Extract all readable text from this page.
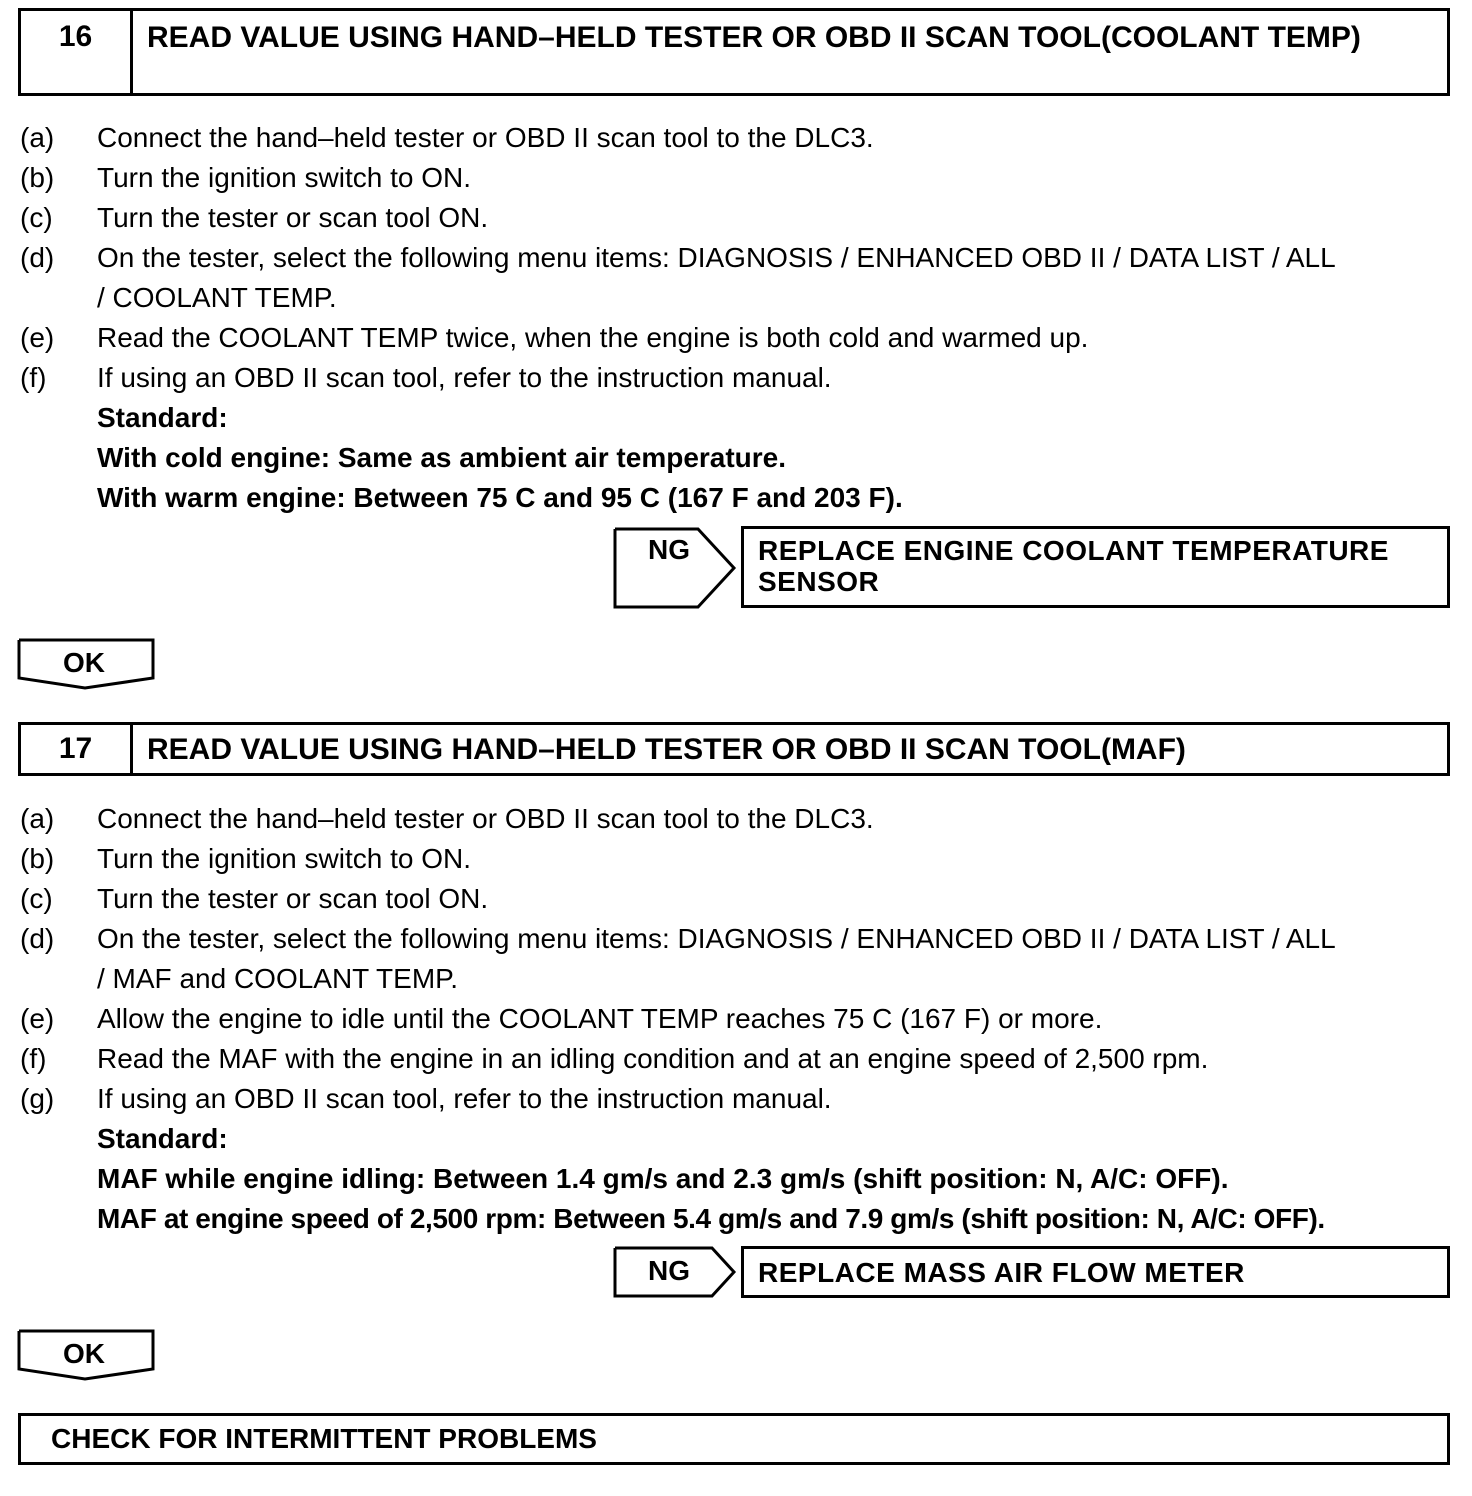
16	READ VALUE USING HAND–HELD TESTER OR OBD II SCAN TOOL(COOLANT TEMP)
(a) Connect the hand–held tester or OBD II scan tool to the DLC3.
(b) Turn the ignition switch to ON.
(c) Turn the tester or scan tool ON.
(d) On the tester, select the following menu items: DIAGNOSIS / ENHANCED OBD II / DATA LIST / ALL
/ COOLANT TEMP.
(e) Read the COOLANT TEMP twice, when the engine is both cold and warmed up.
(f) If using an OBD II scan tool, refer to the instruction manual.
Standard:
With cold engine: Same as ambient air temperature.
With warm engine: Between 75 C and 95 C (167 F and 203 F).
NG	REPLACE ENGINE COOLANT TEMPERATURE SENSOR
OK
17	READ VALUE USING HAND–HELD TESTER OR OBD II SCAN TOOL(MAF)
(a) Connect the hand–held tester or OBD II scan tool to the DLC3.
(b) Turn the ignition switch to ON.
(c) Turn the tester or scan tool ON.
(d) On the tester, select the following menu items: DIAGNOSIS / ENHANCED OBD II / DATA LIST / ALL
/ MAF and COOLANT TEMP.
(e) Allow the engine to idle until the COOLANT TEMP reaches 75 C (167 F) or more.
(f) Read the MAF with the engine in an idling condition and at an engine speed of 2,500 rpm.
(g) If using an OBD II scan tool, refer to the instruction manual.
Standard:
MAF while engine idling: Between 1.4 gm/s and 2.3 gm/s (shift position: N, A/C: OFF).
MAF at engine speed of 2,500 rpm: Between 5.4 gm/s and 7.9 gm/s (shift position: N, A/C: OFF).
NG	REPLACE MASS AIR FLOW METER
OK
CHECK FOR INTERMITTENT PROBLEMS
